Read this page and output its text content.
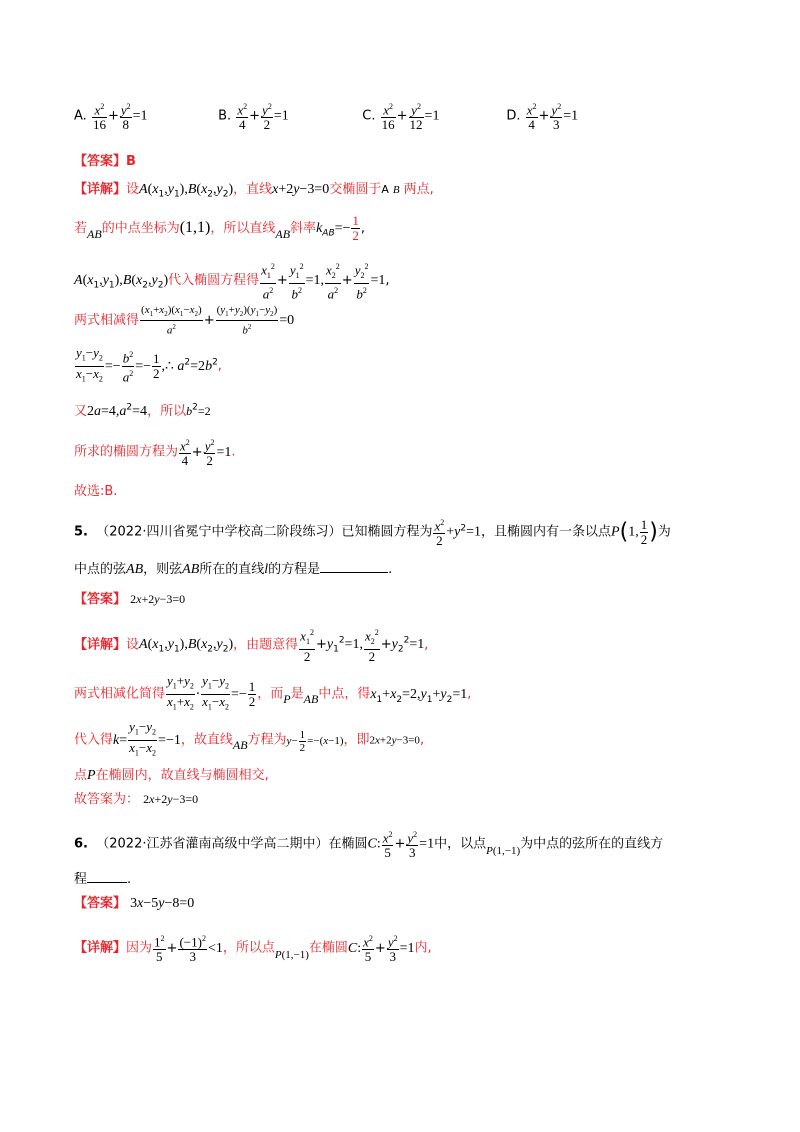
A. $\frac{x^2}{16} + \frac{y^2}{8} =1$	B. $\frac{x^2}{4} + \frac{y^2}{2} =1$	C. $\frac{x^2}{16} + \frac{y^2}{12} =1$	D. $\frac{x^2}{4} + \frac{y^2}{3} =1$
【答案】B
【详解】设$A(x_1,y_1),B(x_2,y_2)$，直线x+2y−3=0交椭圆于A B 两点,
若AB的中点坐标为(1,1)，所以直线AB斜率$k_{AB}=- \frac{1}{2}$ ,
$A(x_1,y_1),B(x_2,y_2)$代入椭圆方程得 $\frac{x_1^2}{a^2} + \frac{y_1^2}{b^2} =1$, $\frac{x_2^2}{a^2} + \frac{y_2^2}{b^2} =1$,
两式相减得 $\frac{(x_1+x_2)(x_1-x_2)}{a^2} + \frac{(y_1+y_2)(y_1-y_2)}{b^2} =0$
$\frac{y_1-y_2}{x_1-x_2} =- \frac{b^2}{a^2} =- \frac{1}{2}$ ,∴ $a^2=2b^2$,
又$2a=4,a^2=4$，所以$b^2=2$
所求的椭圆方程为 $\frac{x^2}{4} + \frac{y^2}{2} =1$.
故选:B.
5. （2022·四川省冕宁中学校高二阶段练习）已知椭圆方程为 $\frac{x^2}{2} +y^2=1$，且椭圆内有一条以点P(1, $\frac{1}{2}$ )为
中点的弦AB，则弦AB所在的直线l的方程是	.
【答案】 2x+2y−3=0
【详解】设$A(x_1,y_1),B(x_2,y_2)$，由题意得 $\frac{x_1^2}{2} +y_1^2=1$, $\frac{x_2^2}{2} +y_2^2=1$,
两式相减化简得 $\frac{y_1+y_2}{x_1+x_2} \cdot \frac{y_1-y_2}{x_1-x_2} =- \frac{1}{2}$ ，而P是AB中点，得$x_1+x_2=2,y_1+y_2=1$,
代入得$k= \frac{y_1-y_2}{x_1-x_2} =-1$，故直线AB方程为$y- \frac{1}{2} =-(x-1)$，即2x+2y−3=0,
点P在椭圆内，故直线与椭圆相交,
故答案为： 2x+2y−3=0
6. （2022·江苏省灌南高级中学高二期中）在椭圆C: $\frac{x^2}{5} + \frac{y^2}{3} =1$中，以点$_{P(1,-1)}$为中点的弦所在的直线方
程	.
【答案】 3x−5y−8=0
【详解】因为 $\frac{1^2}{5} + \frac{(-1)^2}{3} <1$，所以点$_{P(1,-1)}$在椭圆C: $\frac{x^2}{5} + \frac{y^2}{3} =1$内,
